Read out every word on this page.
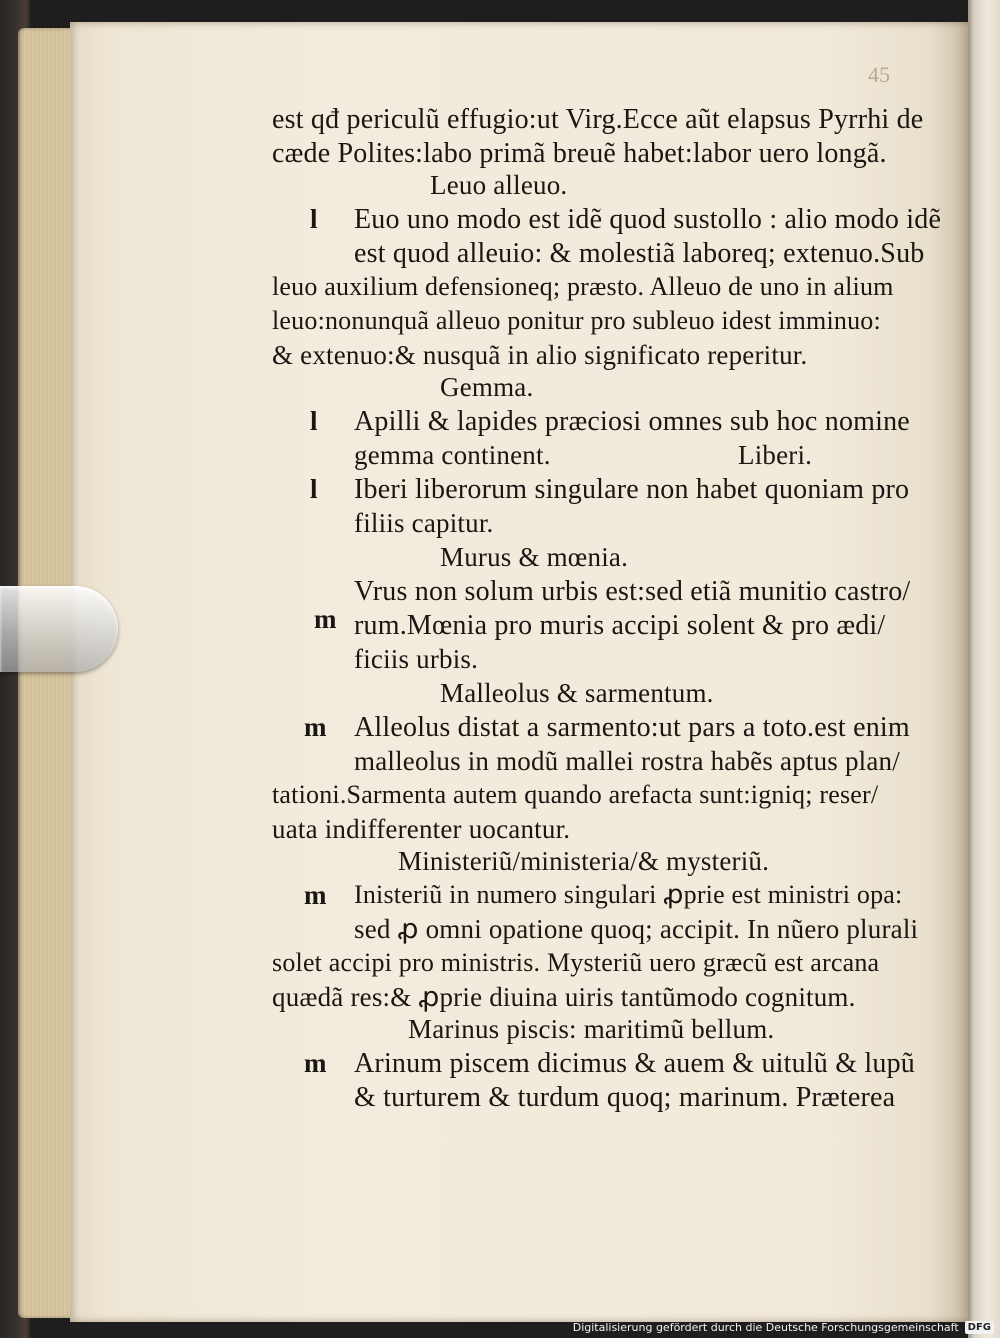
45
est qđ periculũ effugio:ut Virg.Ecce aũt elapsus Pyrrhi de
cæde Polites:labo primã breuẽ habet:labor uero longã.
Leuo alleuo.
l Euo uno modo est idẽ quod sustollo : alio modo idẽ
est quod alleuio: & molestiã laboreq; extenuo.Sub
leuo auxilium defensioneq; præsto. Alleuo de uno in alium
leuo:nonunquã alleuo ponitur pro subleuo idest imminuo:
& extenuo:& nusquã in alio significato reperitur.
Gemma.
l Apilli & lapides præciosi omnes sub hoc nomine
gemma continent.	Liberi.
l Iberi liberorum singulare non habet quoniam pro
filiis capitur.
Murus & mœnia.
Vrus non solum urbis est:sed etiã munitio castro/
m rum.Mœnia pro muris accipi solent & pro ædi/
ficiis urbis.
Malleolus & sarmentum.
m Alleolus distat a sarmento:ut pars a toto.est enim
malleolus in modũ mallei rostra habẽs aptus plan/
tationi.Sarmenta autem quando arefacta sunt:igniq; reser/
uata indifferenter uocantur.
Ministeriũ/ministeria/& mysteriũ.
m Inisteriũ in numero singulari ꝓprie est ministri opa:
sed ꝓ omni opatione quoq; accipit. In nũero plurali
solet accipi pro ministris. Mysteriũ uero græcũ est arcana
quædã res:& ꝓprie diuina uiris tantũmodo cognitum.
Marinus piscis: maritimũ bellum.
m Arinum piscem dicimus & auem & uitulũ & lupũ
& turturem & turdum quoq; marinum. Præterea
Digitalisierung gefördert durch die Deutsche Forschungsgemeinschaft DFG
